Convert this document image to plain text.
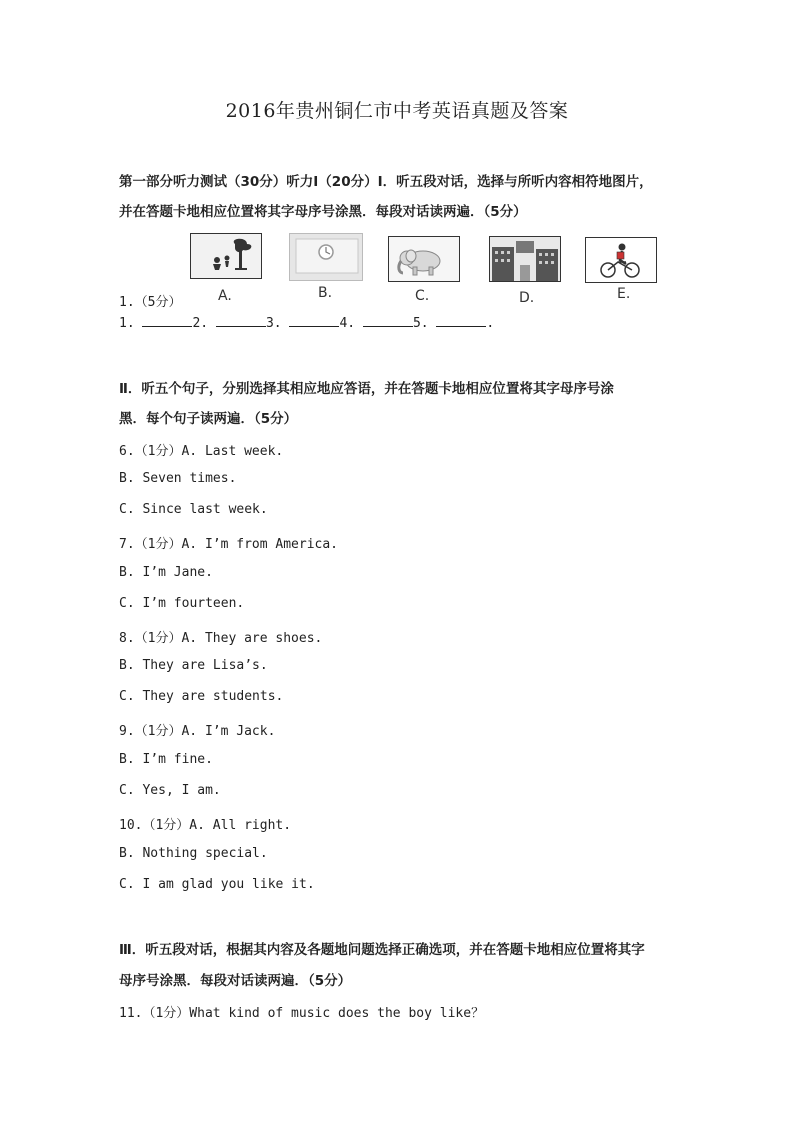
2016年贵州铜仁市中考英语真题及答案
第一部分听力测试（30分）听力Ⅰ（20分）Ⅰ．听五段对话，选择与所听内容相符地图片，
并在答题卡地相应位置将其字母序号涂黑．每段对话读两遍．（5分）
A.	B.	C.	D.	E.
1.（5分）
1.	2.	3.	4.	5.	.
Ⅱ．听五个句子，分别选择其相应地应答语，并在答题卡地相应位置将其字母序号涂
黑．每个句子读两遍．（5分）
6.（1分）A. Last week.
B. Seven times.
C. Since last week.
7.（1分）A. I’m from America.
B. I’m Jane.
C. I’m fourteen.
8.（1分）A. They are shoes.
B. They are Lisa’s.
C. They are students.
9.（1分）A. I’m Jack.
B. I’m fine.
C. Yes, I am.
10.（1分）A. All right.
B. Nothing special.
C. I am glad you like it.
Ⅲ．听五段对话，根据其内容及各题地问题选择正确选项，并在答题卡地相应位置将其字
母序号涂黑．每段对话读两遍．（5分）
11.（1分）What kind of music does the boy like？
